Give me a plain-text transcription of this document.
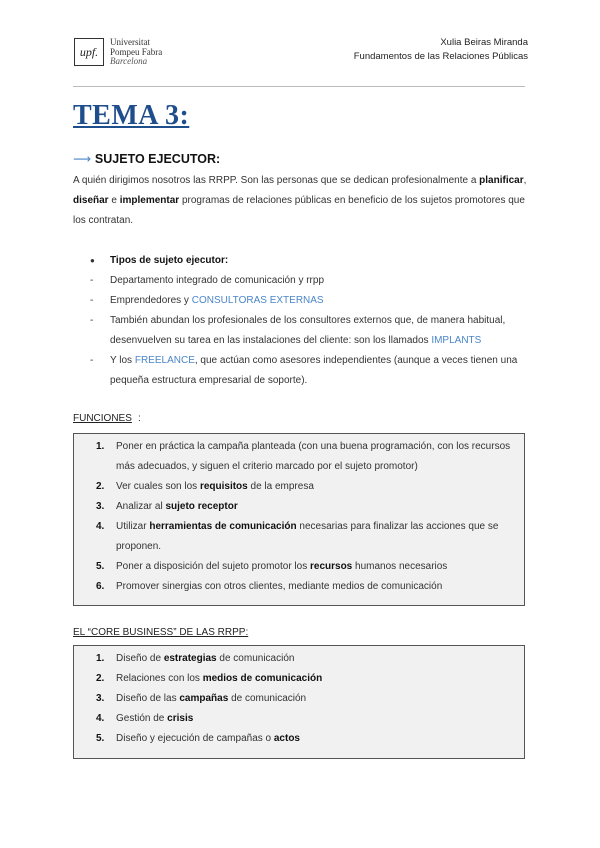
upf.
Universitat
Pompeu Fabra
Barcelona
Xulia Beiras Miranda
Fundamentos de las Relaciones Públicas
TEMA 3:
⟶ SUJETO EJECUTOR:
A quién dirigimos nosotros las RRPP. Son las personas que se dedican profesionalmente a planificar, diseñar e implementar programas de relaciones públicas en beneficio de los sujetos promotores que los contratan.
● Tipos de sujeto ejecutor:
- Departamento integrado de comunicación y rrpp
- Emprendedores y CONSULTORAS EXTERNAS
- También abundan los profesionales de los consultores externos que, de manera habitual, desenvuelven su tarea en las instalaciones del cliente: son los llamados IMPLANTS
- Y los FREELANCE, que actúan como asesores independientes (aunque a veces tienen una pequeña estructura empresarial de soporte).
FUNCIONES :
1. Poner en práctica la campaña planteada (con una buena programación, con los recursos más adecuados, y siguen el criterio marcado por el sujeto promotor)
2. Ver cuales son los requisitos de la empresa
3. Analizar al sujeto receptor
4. Utilizar herramientas de comunicación necesarias para finalizar las acciones que se proponen.
5. Poner a disposición del sujeto promotor los recursos humanos necesarios
6. Promover sinergias con otros clientes, mediante medios de comunicación
EL “CORE BUSINESS” DE LAS RRPP:
1. Diseño de estrategias de comunicación
2. Relaciones con los medios de comunicación
3. Diseño de las campañas de comunicación
4. Gestión de crisis
5. Diseño y ejecución de campañas o actos
